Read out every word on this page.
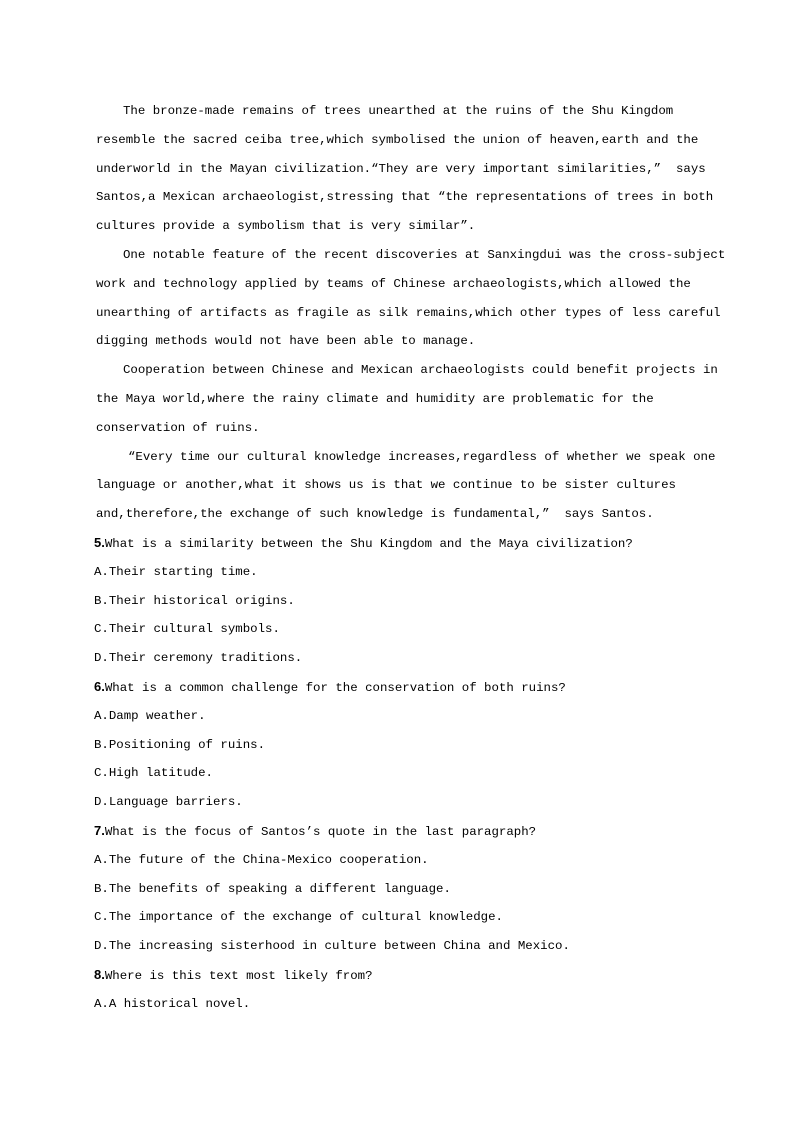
The bronze-made remains of trees unearthed at the ruins of the Shu Kingdom
resemble the sacred ceiba tree,which symbolised the union of heaven,earth and the
underworld in the Mayan civilization.“They are very important similarities,”  says
Santos,a Mexican archaeologist,stressing that “the representations of trees in both
cultures provide a symbolism that is very similar”.
One notable feature of the recent discoveries at Sanxingdui was the cross-subject
work and technology applied by teams of Chinese archaeologists,which allowed the
unearthing of artifacts as fragile as silk remains,which other types of less careful
digging methods would not have been able to manage.
Cooperation between Chinese and Mexican archaeologists could benefit projects in
the Maya world,where the rainy climate and humidity are problematic for the
conservation of ruins.
“Every time our cultural knowledge increases,regardless of whether we speak one
language or another,what it shows us is that we continue to be sister cultures
and,therefore,the exchange of such knowledge is fundamental,”  says Santos.
5.What is a similarity between the Shu Kingdom and the Maya civilization?
A.Their starting time.
B.Their historical origins.
C.Their cultural symbols.
D.Their ceremony traditions.
6.What is a common challenge for the conservation of both ruins?
A.Damp weather.
B.Positioning of ruins.
C.High latitude.
D.Language barriers.
7.What is the focus of Santos’s quote in the last paragraph?
A.The future of the China-Mexico cooperation.
B.The benefits of speaking a different language.
C.The importance of the exchange of cultural knowledge.
D.The increasing sisterhood in culture between China and Mexico.
8.Where is this text most likely from?
A.A historical novel.
